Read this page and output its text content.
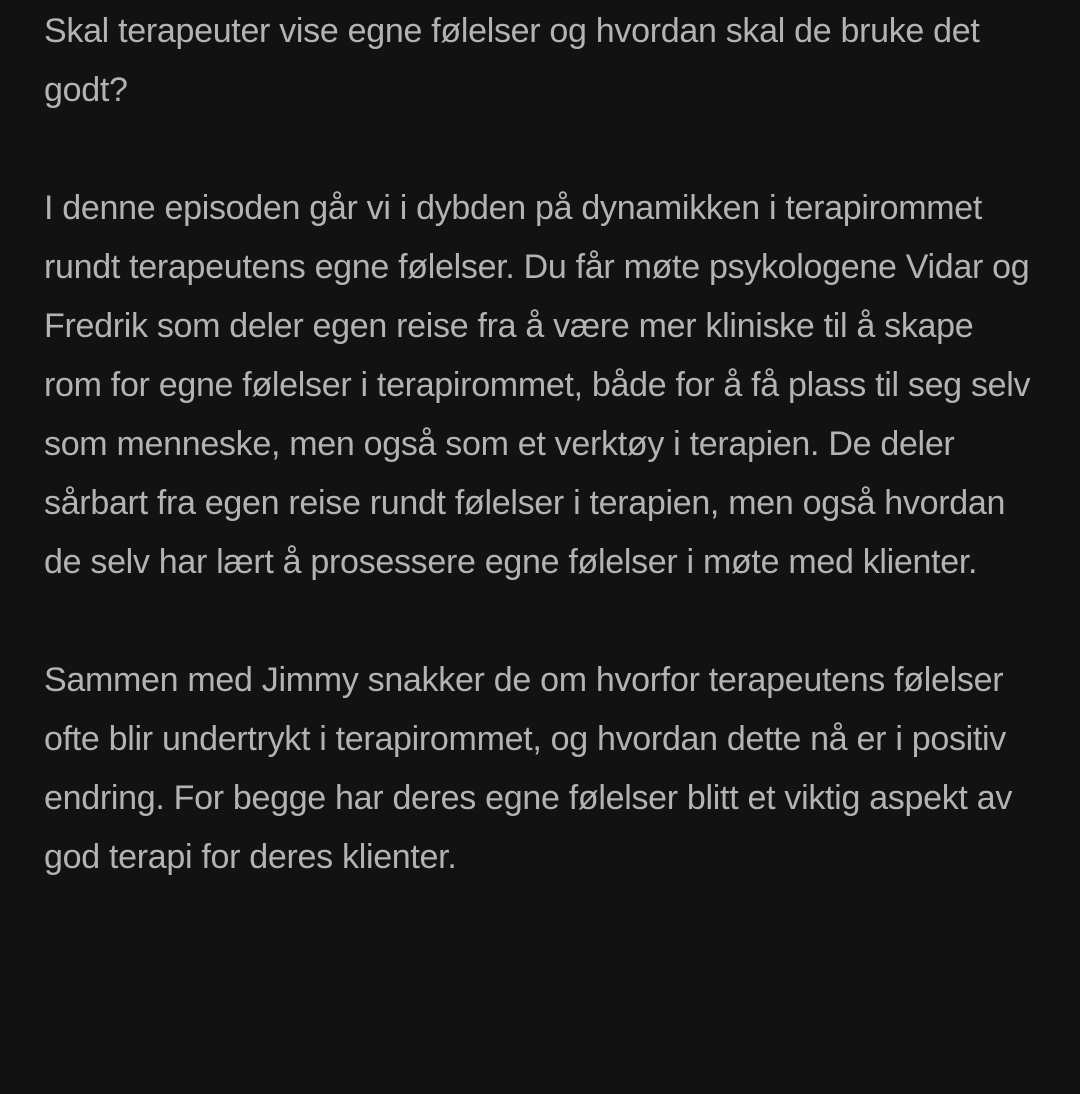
Skal terapeuter vise egne følelser og hvordan skal de bruke det godt?

I denne episoden går vi i dybden på dynamikken i terapirommet rundt terapeutens egne følelser. Du får møte psykologene Vidar og Fredrik som deler egen reise fra å være mer kliniske til å skape rom for egne følelser i terapirommet, både for å få plass til seg selv som menneske, men også som et verktøy i terapien. De deler sårbart fra egen reise rundt følelser i terapien, men også hvordan de selv har lært å prosessere egne følelser i møte med klienter.

Sammen med Jimmy snakker de om hvorfor terapeutens følelser ofte blir undertrykt i terapirommet, og hvordan dette nå er i positiv endring. For begge har deres egne følelser blitt et viktig aspekt av god terapi for deres klienter.
